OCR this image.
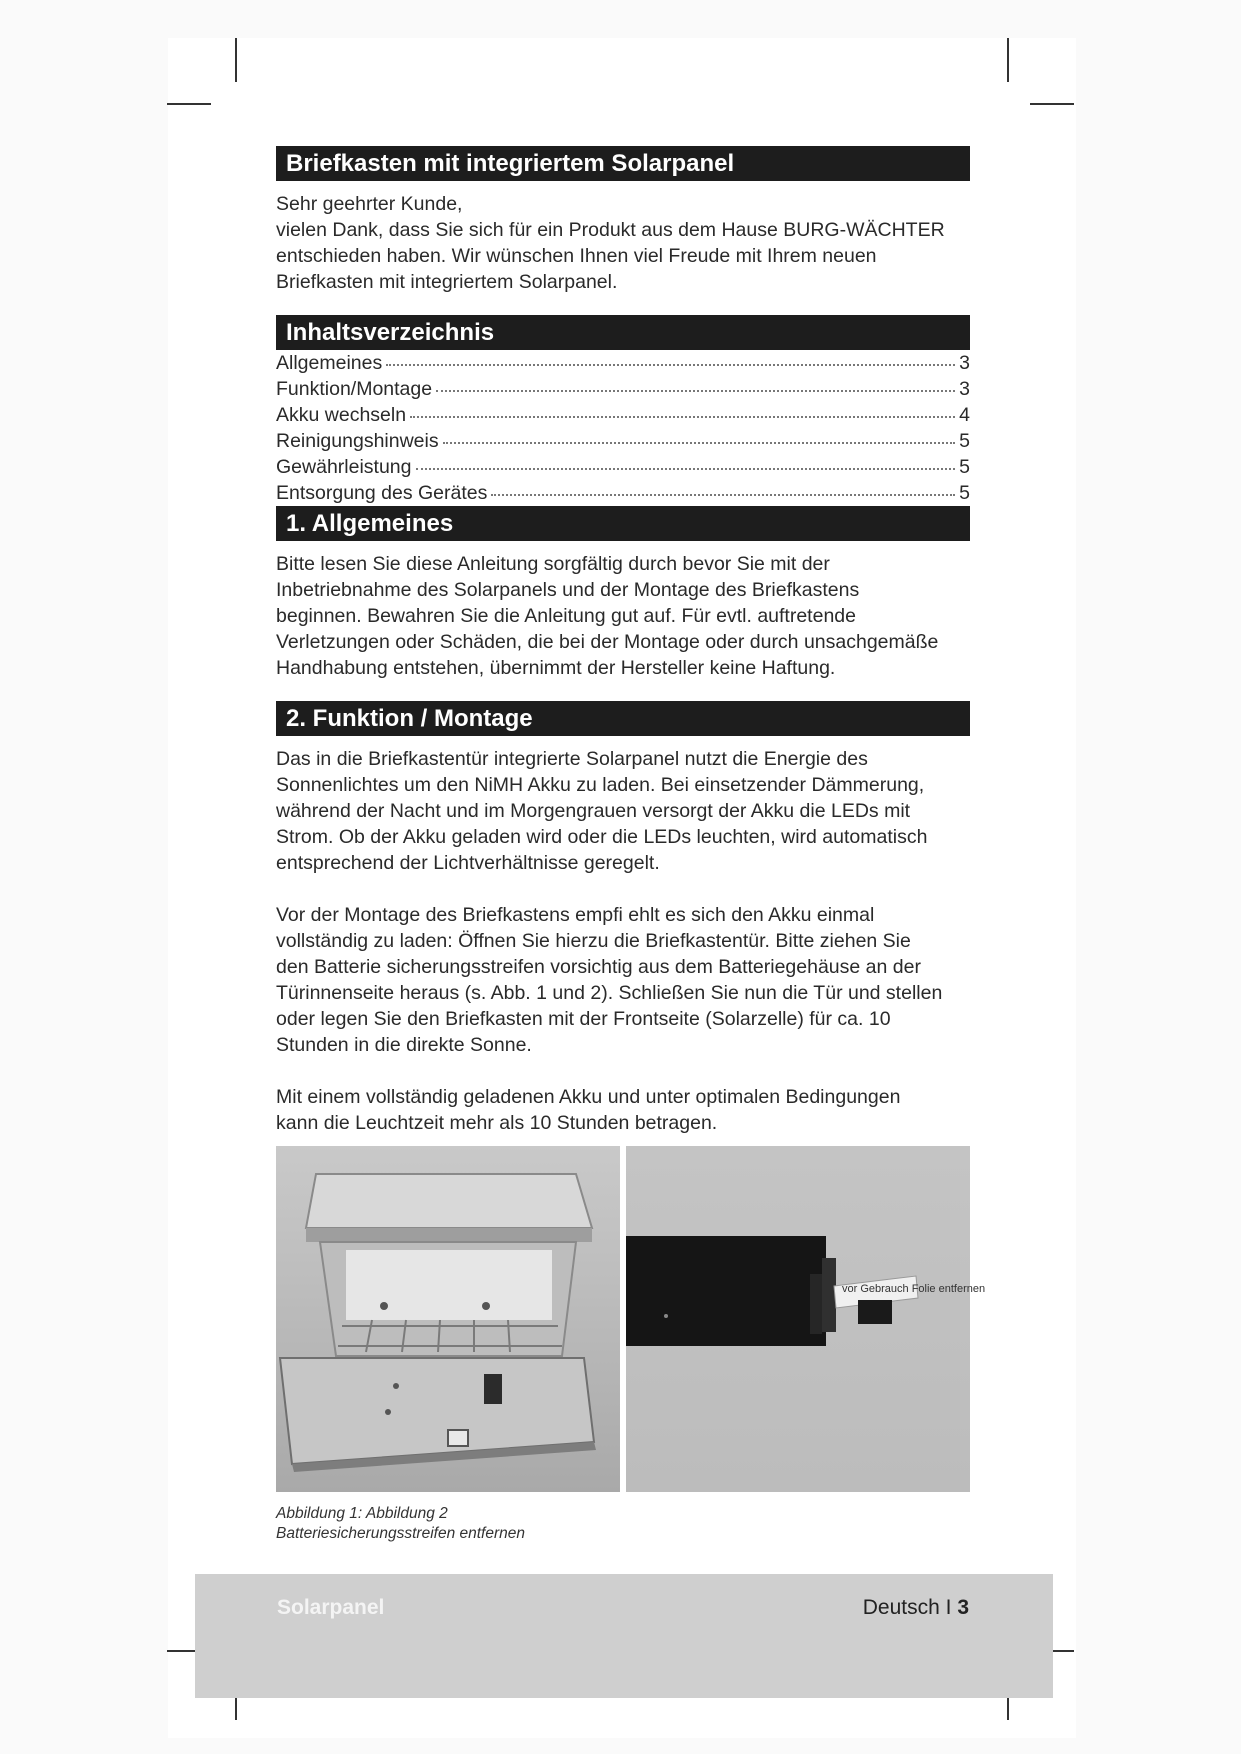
Briefkasten mit integriertem Solarpanel

Sehr geehrter Kunde,
vielen Dank, dass Sie sich für ein Produkt aus dem Hause BURG-WÄCHTER
entschieden haben. Wir wünschen Ihnen viel Freude mit Ihrem neuen
Briefkasten mit integriertem Solarpanel.

Inhaltsverzeichnis
Allgemeines	3
Funktion/Montage	3
Akku wechseln	4
Reinigungshinweis	5
Gewährleistung	5
Entsorgung des Gerätes	5
1. Allgemeines

Bitte lesen Sie diese Anleitung sorgfältig durch bevor Sie mit der
Inbetriebnahme des Solarpanels und der Montage des Briefkastens
beginnen. Bewahren Sie die Anleitung gut auf. Für evtl. auftretende
Verletzungen oder Schäden, die bei der Montage oder durch unsachgemäße
Handhabung entstehen, übernimmt der Hersteller keine Haftung.

2. Funktion / Montage

Das in die Briefkastentür integrierte Solarpanel nutzt die Energie des
Sonnenlichtes um den NiMH Akku zu laden. Bei einsetzender Dämmerung,
während der Nacht und im Morgengrauen versorgt der Akku die LEDs mit
Strom. Ob der Akku geladen wird oder die LEDs leuchten, wird automatisch
entsprechend der Lichtverhältnisse geregelt.

Vor der Montage des Briefkastens empfi ehlt es sich den Akku einmal
vollständig zu laden: Öffnen Sie hierzu die Briefkastentür. Bitte ziehen Sie
den Batterie sicherungsstreifen vorsichtig aus dem Batteriegehäuse an der
Türinnenseite heraus (s. Abb. 1 und 2). Schließen Sie nun die Tür und stellen
oder legen Sie den Briefkasten mit der Frontseite (Solarzelle) für ca. 10
Stunden in die direkte Sonne.

Mit einem vollständig geladenen Akku und unter optimalen Bedingungen
kann die Leuchtzeit mehr als 10 Stunden betragen.

vor Gebrauch Folie entfernen
Abbildung 1: Abbildung 2
Batteriesicherungsstreifen entfernen
Solarpanel	Deutsch I 3
